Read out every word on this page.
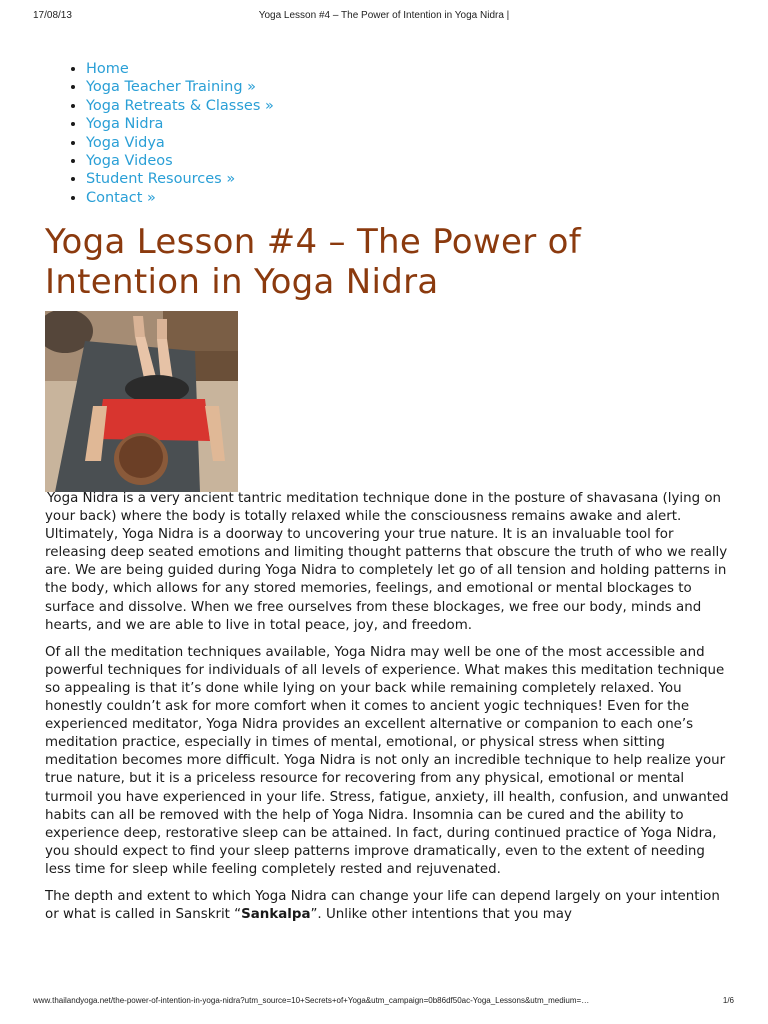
17/08/13	Yoga Lesson #4 – The Power of Intention in Yoga Nidra |
• Home
• Yoga Teacher Training »
• Yoga Retreats & Classes »
• Yoga Nidra
• Yoga Vidya
• Yoga Videos
• Student Resources »
• Contact »
Yoga Lesson #4 – The Power of
Intention in Yoga Nidra

Yoga Nidra is a very ancient tantric meditation technique done in the posture of shavasana (lying on your back) where the body is totally relaxed while the consciousness remains awake and alert. Ultimately, Yoga Nidra is a doorway to uncovering your true nature. It is an invaluable tool for releasing deep seated emotions and limiting thought patterns that obscure the truth of who we really are. We are being guided during Yoga Nidra to completely let go of all tension and holding patterns in the body, which allows for any stored memories, feelings, and emotional or mental blockages to surface and dissolve. When we free ourselves from these blockages, we free our body, minds and hearts, and we are able to live in total peace, joy, and freedom.

Of all the meditation techniques available, Yoga Nidra may well be one of the most accessible and powerful techniques for individuals of all levels of experience. What makes this meditation technique so appealing is that it’s done while lying on your back while remaining completely relaxed. You honestly couldn’t ask for more comfort when it comes to ancient yogic techniques! Even for the experienced meditator, Yoga Nidra provides an excellent alternative or companion to each one’s meditation practice, especially in times of mental, emotional, or physical stress when sitting meditation becomes more difficult. Yoga Nidra is not only an incredible technique to help realize your true nature, but it is a priceless resource for recovering from any physical, emotional or mental turmoil you have experienced in your life. Stress, fatigue, anxiety, ill health, confusion, and unwanted habits can all be removed with the help of Yoga Nidra. Insomnia can be cured and the ability to experience deep, restorative sleep can be attained. In fact, during continued practice of Yoga Nidra, you should expect to find your sleep patterns improve dramatically, even to the extent of needing less time for sleep while feeling completely rested and rejuvenated.

The depth and extent to which Yoga Nidra can change your life can depend largely on your intention or what is called in Sanskrit “Sankalpa”. Unlike other intentions that you may

www.thailandyoga.net/the-power-of-intention-in-yoga-nidra?utm_source=10+Secrets+of+Yoga&utm_campaign=0b86df50ac-Yoga_Lessons&utm_medium=…	1/6
